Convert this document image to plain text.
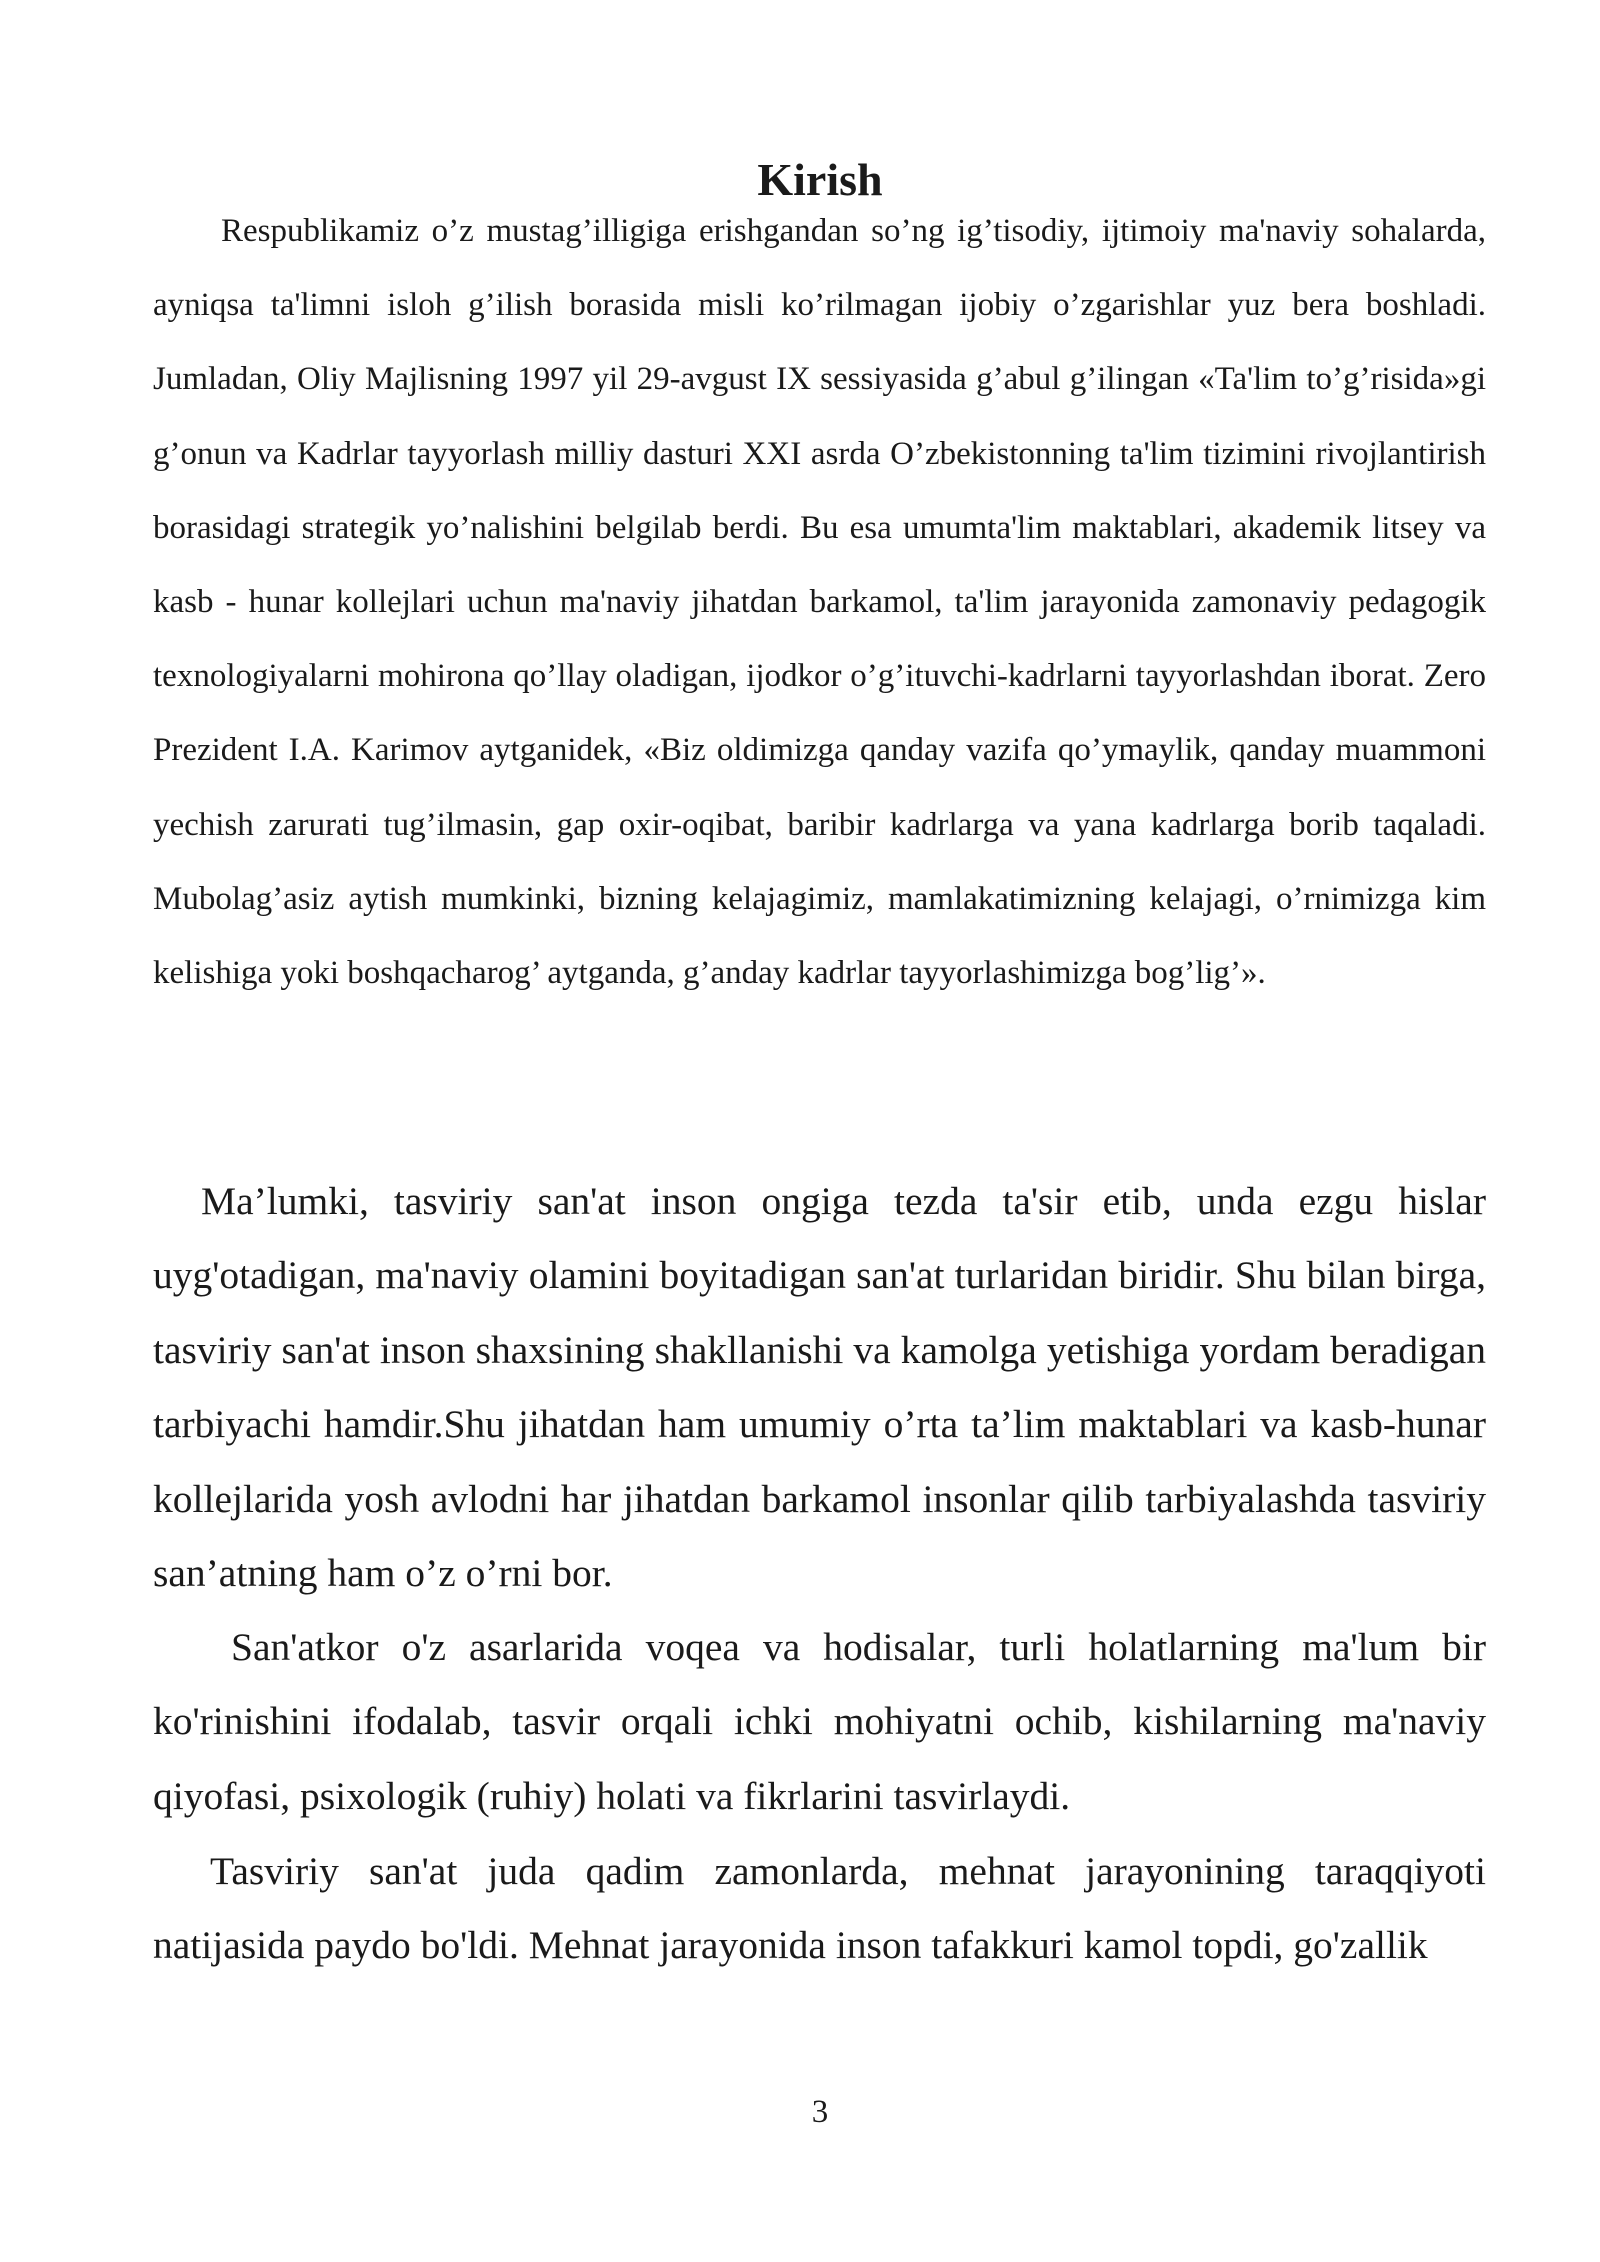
Kirish

Respublikamiz o’z mustag’illigiga erishgandan so’ng ig’tisodiy, ijtimoiy ma'naviy sohalarda, ayniqsa ta'limni isloh g’ilish borasida misli ko’rilmagan ijobiy o’zgarishlar yuz bera boshladi. Jumladan, Oliy Majlisning 1997 yil 29-avgust IX sessiyasida g’abul g’ilingan «Ta'lim to’g’risida»gi g’onun va Kadrlar tayyorlash milliy dasturi XXI asrda O’zbekistonning ta'lim tizimini rivojlantirish borasidagi strategik yo’nalishini belgilab berdi. Bu esa umumta'lim maktablari, akademik litsey va kasb - hunar kollejlari uchun ma'naviy jihatdan barkamol, ta'lim jarayonida zamonaviy pedagogik texnologiyalarni mohirona qo’llay oladigan, ijodkor o’g’ituvchi-kadrlarni tayyorlashdan iborat. Zero Prezident I.A. Karimov aytganidek, «Biz oldimizga qanday vazifa qo’ymaylik, qanday muammoni yechish zarurati tug’ilmasin, gap oxir-oqibat, baribir kadrlarga va yana kadrlarga borib taqaladi. Mubolag’asiz aytish mumkinki, bizning kelajagimiz, mamlakatimizning kelajagi, o’rnimizga kim kelishiga yoki boshqacharog’ aytganda, g’anday kadrlar tayyorlashimizga bog’lig’».

Ma’lumki, tasviriy san'at inson ongiga tezda ta'sir etib, unda ezgu hislar uyg'otadigan, ma'naviy olamini boyitadigan san'at turlaridan biridir. Shu bilan birga, tasviriy san'at inson shaxsining shakllanishi va kamolga yetishiga yordam beradigan tarbiyachi hamdir.Shu jihatdan ham umumiy o’rta ta’lim maktablari va kasb-hunar kollejlarida yosh avlodni har jihatdan barkamol insonlar qilib tarbiyalashda tasviriy san’atning ham o’z o’rni bor.

San'atkor o'z asarlarida voqea va hodisalar, turli holatlarning ma'lum bir ko'rinishini ifodalab, tasvir orqali ichki mohiyatni ochib, kishilarning ma'naviy qiyofasi, psixologik (ruhiy) holati va fikrlarini tasvirlaydi.

Tasviriy san'at juda qadim zamonlarda, mehnat jarayonining taraqqiyoti natijasida paydo bo'ldi. Mehnat jarayonida inson tafakkuri kamol topdi, go'zallik

3
